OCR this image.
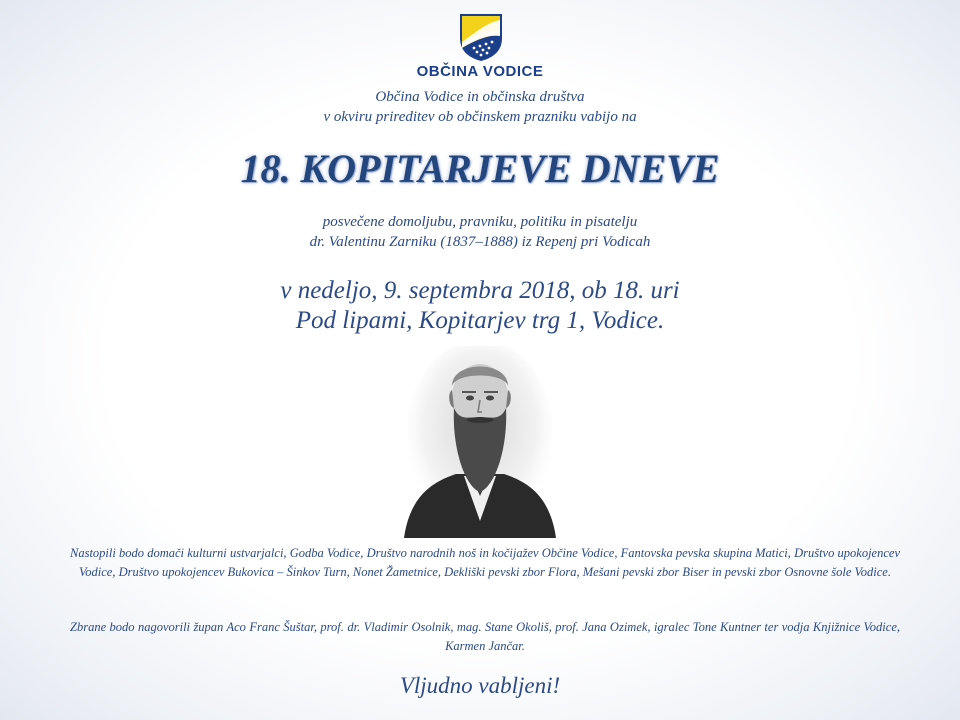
OBČINA VODICE
Občina Vodice in občinska društva
v okviru prireditev ob občinskem prazniku vabijo na
18. KOPITARJEVE DNEVE
posvečene domoljubu, pravniku, politiku in pisatelju
dr. Valentinu Zarniku (1837–1888) iz Repenj pri Vodicah
v nedeljo, 9. septembra 2018, ob 18. uri
Pod lipami, Kopitarjev trg 1, Vodice.
Nastopili bodo domači kulturni ustvarjalci, Godba Vodice, Društvo narodnih noš in kočijažev Občine Vodice, Fantovska pevska skupina Matici, Društvo upokojencev Vodice, Društvo upokojencev Bukovica – Šinkov Turn, Nonet Žametnice, Dekliški pevski zbor Flora, Mešani pevski zbor Biser in pevski zbor Osnovne šole Vodice.
Zbrane bodo nagovorili župan Aco Franc Šuštar, prof. dr. Vladimir Osolnik, mag. Stane Okoliš, prof. Jana Ozimek, igralec Tone Kuntner ter vodja Knjižnice Vodice, Karmen Jančar.
Vljudno vabljeni!
